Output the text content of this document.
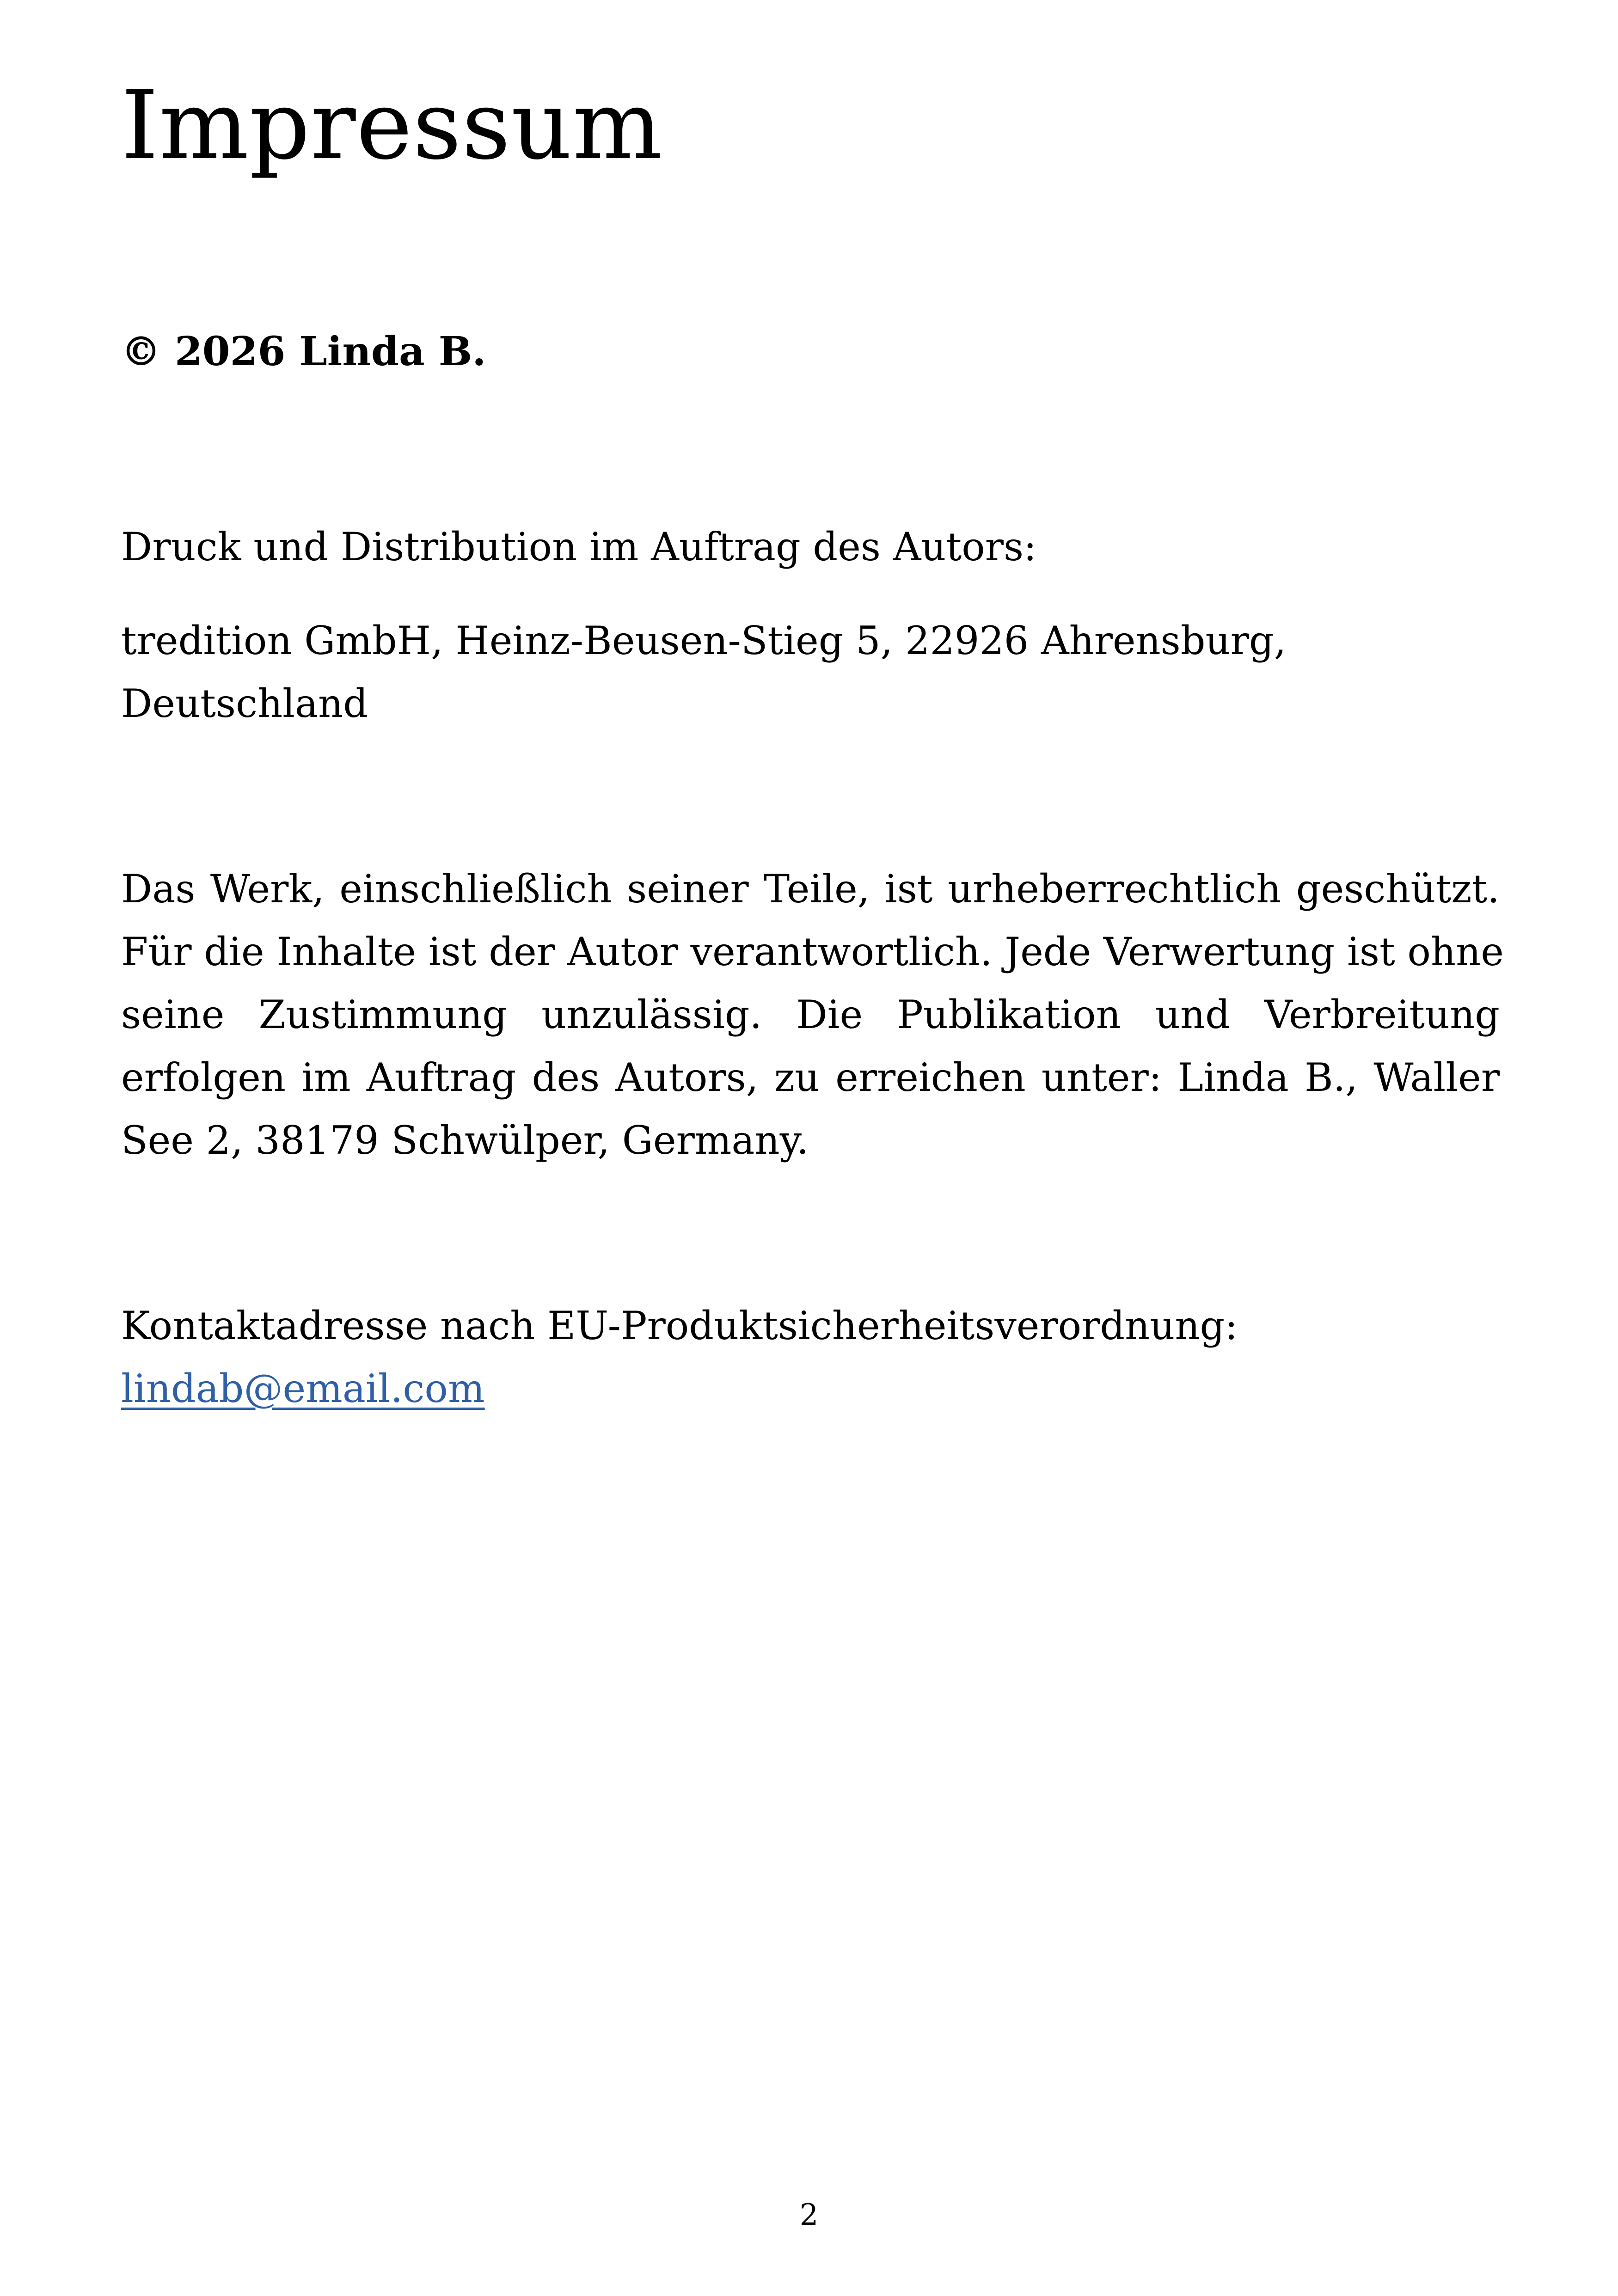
Impressum

© 2026 Linda B.

Druck und Distribution im Auftrag des Autors:

tredition GmbH, Heinz-Beusen-Stieg 5, 22926 Ahrensburg,
Deutschland

Das Werk, einschließlich seiner Teile, ist urheberrechtlich geschützt.
Für die Inhalte ist der Autor verantwortlich. Jede Verwertung ist ohne
seine Zustimmung unzulässig. Die Publikation und Verbreitung
erfolgen im Auftrag des Autors, zu erreichen unter: Linda B., Waller
See 2, 38179 Schwülper, Germany.

Kontaktadresse nach EU-Produktsicherheitsverordnung:
lindab@email.com

2
